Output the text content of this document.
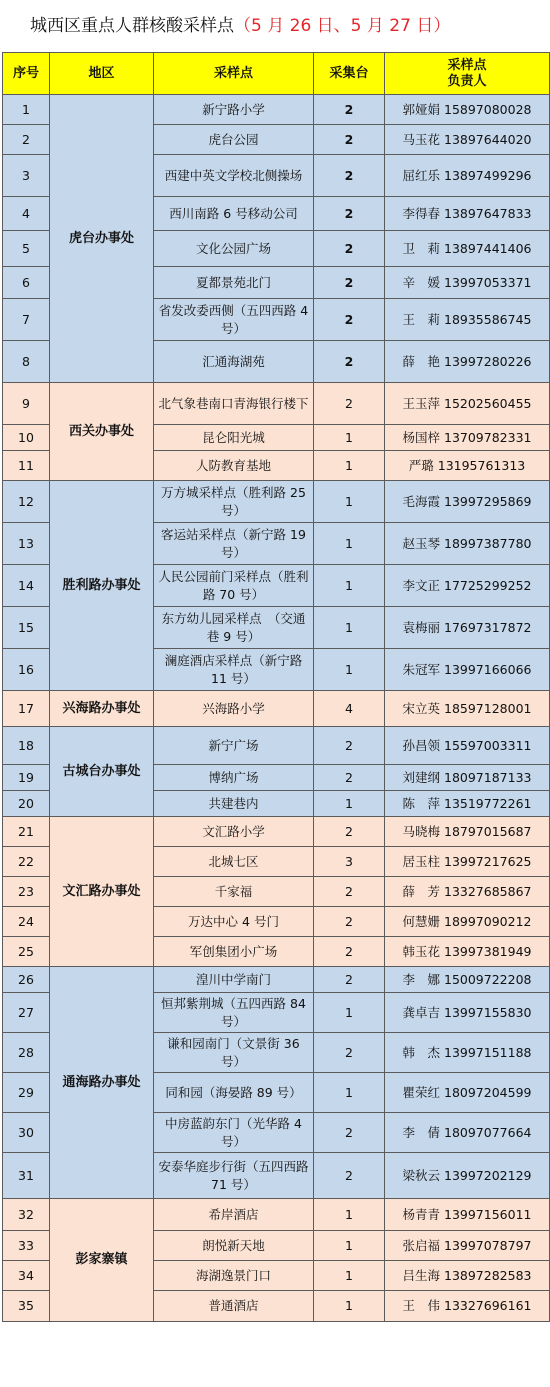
城西区重点人群核酸采样点（5 月 26 日、5 月 27 日）
序号	地区	采样点	采集台	采样点
负责人
1	虎台办事处	新宁路小学	2	郭娅娟 15897080028
2		虎台公园	2	马玉花 13897644020
3		西建中英文学校北侧操场	2	屈红乐 13897499296
4		西川南路 6 号移动公司	2	李得春 13897647833
5		文化公园广场	2	卫　莉 13897441406
6		夏都景苑北门	2	辛　媛 13997053371
7		省发改委西侧（五四西路 4 号）	2	王　莉 18935586745
8		汇通海湖苑	2	薛　艳 13997280226
9	西关办事处	北气象巷南口青海银行楼下	2	王玉萍 15202560455
10		昆仑阳光城	1	杨国梓 13709782331
11		人防教育基地	1	严璐 13195761313
12	胜利路办事处	万方城采样点（胜利路 25 号）	1	毛海霞 13997295869
13		客运站采样点（新宁路 19 号）	1	赵玉琴 18997387780
14		人民公园前门采样点（胜利路 70 号）	1	李文正 17725299252
15		东方幼儿园采样点　（交通巷 9 号）	1	袁梅丽 17697317872
16		澜庭酒店采样点（新宁路 11 号）	1	朱冠军 13997166066
17	兴海路办事处	兴海路小学	4	宋立英 18597128001
18	古城台办事处	新宁广场	2	孙昌领 15597003311
19		博纳广场	2	刘建纲 18097187133
20		共建巷内	1	陈　萍 13519772261
21	文汇路办事处	文汇路小学	2	马晓梅 18797015687
22		北城七区	3	居玉柱 13997217625
23		千家福	2	薛　芳 13327685867
24		万达中心 4 号门	2	何慧姗 18997090212
25		军创集团小广场	2	韩玉花 13997381949
26	通海路办事处	湟川中学南门	2	李　娜 15009722208
27		恒邦紫荆城（五四西路 84 号）	1	龚卓吉 13997155830
28		谦和园南门（文景街 36 号）	2	韩　杰 13997151188
29		同和园（海晏路 89 号）	1	瞿荣红 18097204599
30		中房蓝韵东门（光华路 4 号）	2	李　倩 18097077664
31		安泰华庭步行街（五四西路 71 号）	2	梁秋云 13997202129
32	彭家寨镇	希岸酒店	1	杨青青 13997156011
33		朗悦新天地	1	张启福 13997078797
34		海湖逸景门口	1	吕生海 13897282583
35		普通酒店	1	王　伟 13327696161
